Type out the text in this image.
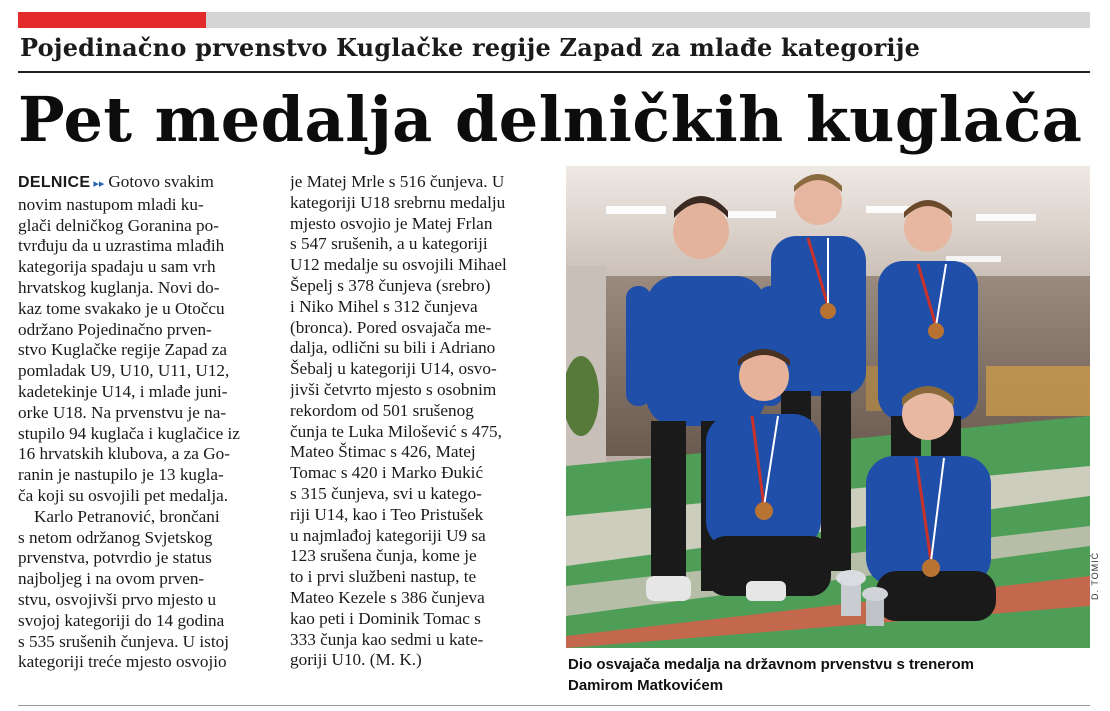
Pojedinačno prvenstvo Kuglačke regije Zapad za mlađe kategorije
Pet medalja delničkih kuglača
DELNICE ▸▸ Gotovo svakim
novim nastupom mladi ku-
glači delničkog Goranina po-
tvrđuju da u uzrastima mlađih
kategorija spadaju u sam vrh
hrvatskog kuglanja. Novi do-
kaz tome svakako je u Otočcu
održano Pojedinačno prven-
stvo Kuglačke regije Zapad za
pomladak U9, U10, U11, U12,
kadetekinje U14, i mlađe juni-
orke U18. Na prvenstvu je na-
stupilo 94 kuglača i kuglačice iz
16 hrvatskih klubova, a za Go-
ranin je nastupilo je 13 kugla-
ča koji su osvojili pet medalja.
Karlo Petranović, brončani
s netom održanog Svjetskog
prvenstva, potvrdio je status
najboljeg i na ovom prven-
stvu, osvojivši prvo mjesto u
svojoj kategoriji do 14 godina
s 535 srušenih čunjeva. U istoj
kategoriji treće mjesto osvojio
je Matej Mrle s 516 čunjeva. U
kategoriji U18 srebrnu medalju
mjesto osvojio je Matej Frlan
s 547 srušenih, a u kategoriji
U12 medalje su osvojili Mihael
Šepelj s 378 čunjeva (srebro)
i Niko Mihel s 312 čunjeva
(bronca). Pored osvajača me-
dalja, odlični su bili i Adriano
Šebalj u kategoriji U14, osvo-
jivši četvrto mjesto s osobnim
rekordom od 501 srušenog
čunja te Luka Milošević s 475,
Mateo Štimac s 426, Matej
Tomac s 420 i Marko Đukić
s 315 čunjeva, svi u katego-
riji U14, kao i Teo Pristušek
u najmlađoj kategoriji U9 sa
123 srušena čunja, kome je
to i prvi službeni nastup, te
Mateo Kezele s 386 čunjeva
kao peti i Dominik Tomac s
333 čunja kao sedmi u kate-
goriji U10. (M. K.)
D. TOMIĆ
Dio osvajača medalja na državnom prvenstvu s trenerom
Damirom Matkovićem
